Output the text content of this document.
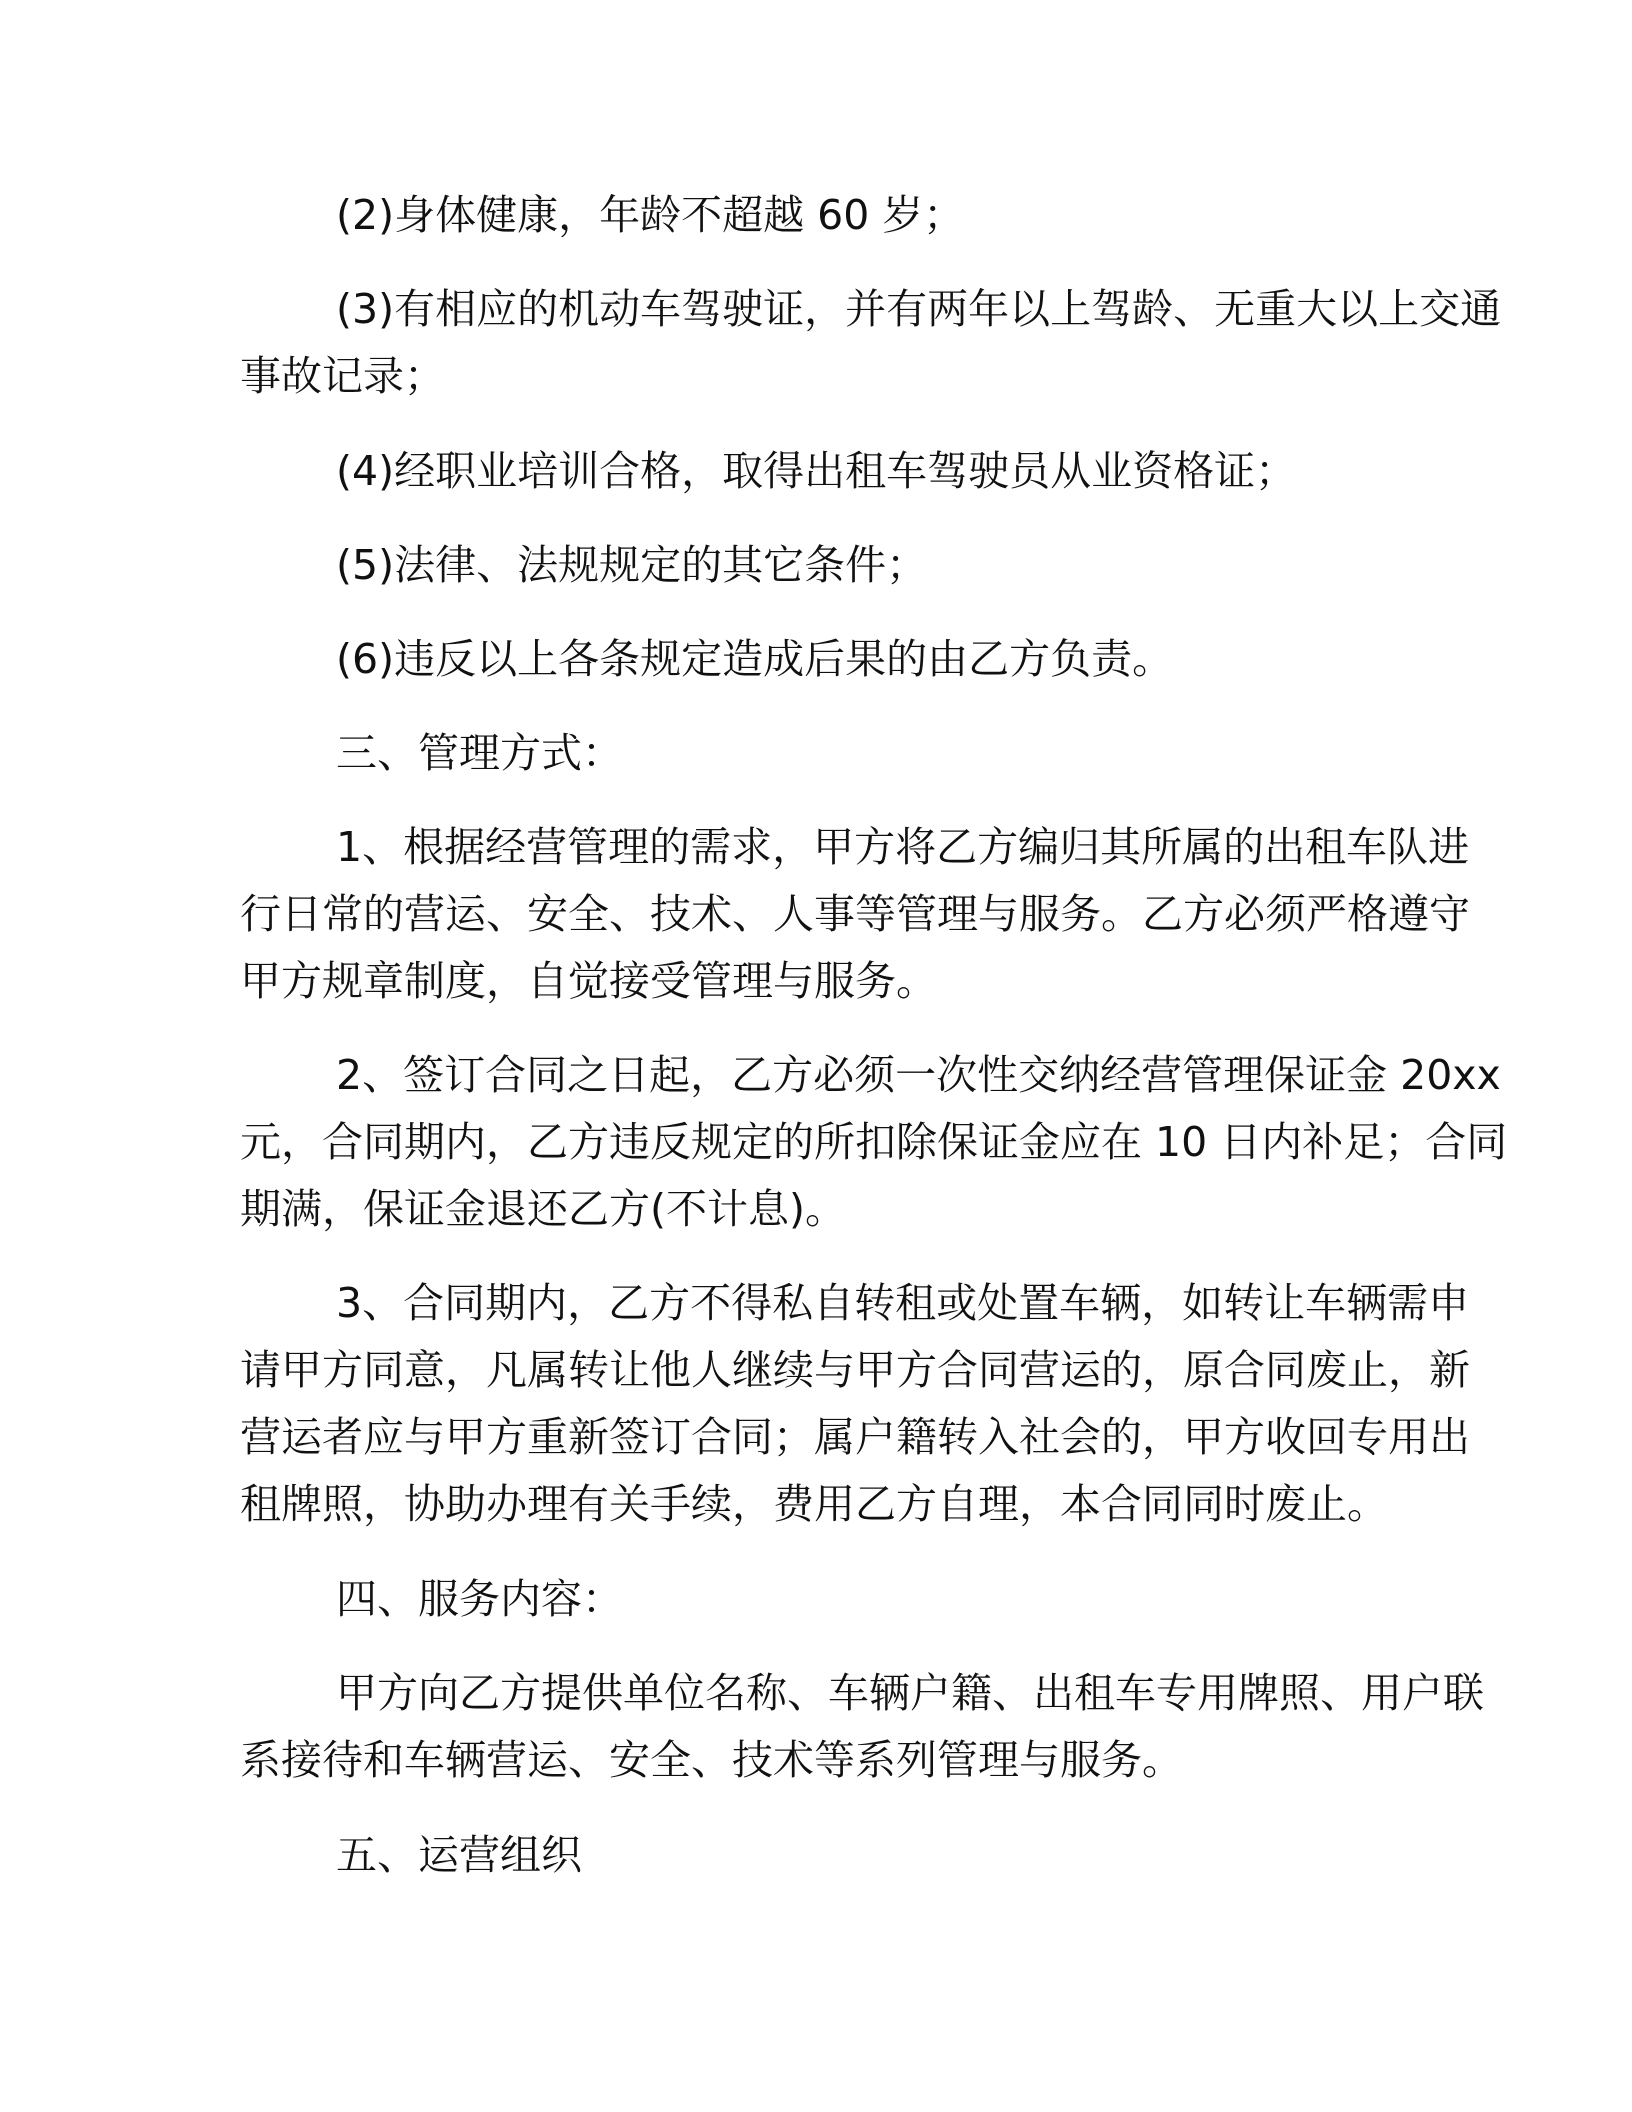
(2)身体健康，年龄不超越 60 岁；
(3)有相应的机动车驾驶证，并有两年以上驾龄、无重大以上交通
事故记录；
(4)经职业培训合格，取得出租车驾驶员从业资格证；
(5)法律、法规规定的其它条件；
(6)违反以上各条规定造成后果的由乙方负责。
三、管理方式：
1、根据经营管理的需求，甲方将乙方编归其所属的出租车队进
行日常的营运、安全、技术、人事等管理与服务。乙方必须严格遵守
甲方规章制度，自觉接受管理与服务。
2、签订合同之日起，乙方必须一次性交纳经营管理保证金 20xx
元，合同期内，乙方违反规定的所扣除保证金应在 10 日内补足；合同
期满，保证金退还乙方(不计息)。
3、合同期内，乙方不得私自转租或处置车辆，如转让车辆需申
请甲方同意，凡属转让他人继续与甲方合同营运的，原合同废止，新
营运者应与甲方重新签订合同；属户籍转入社会的，甲方收回专用出
租牌照，协助办理有关手续，费用乙方自理，本合同同时废止。
四、服务内容：
甲方向乙方提供单位名称、车辆户籍、出租车专用牌照、用户联
系接待和车辆营运、安全、技术等系列管理与服务。
五、运营组织
